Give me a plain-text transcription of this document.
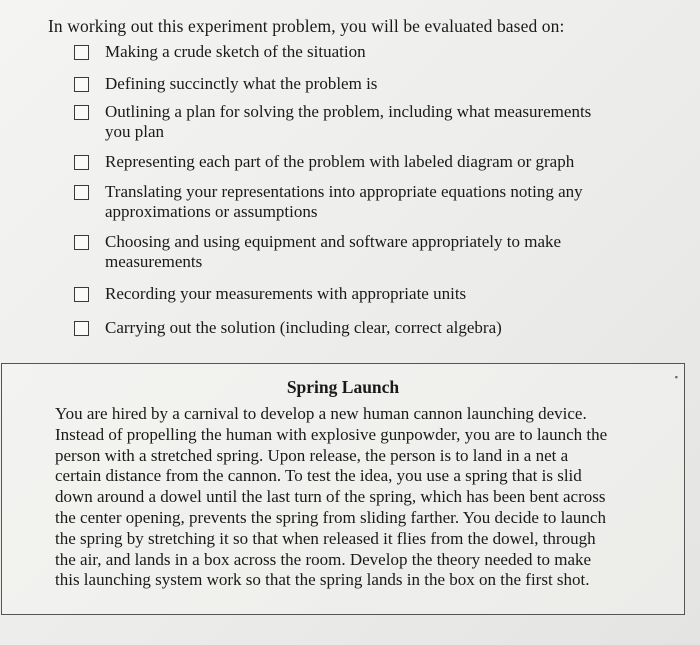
In working out this experiment problem, you will be evaluated based on:
Making a crude sketch of the situation
Defining succinctly what the problem is
Outlining a plan for solving the problem, including what measurements
you plan
Representing each part of the problem with labeled diagram or graph
Translating your representations into appropriate equations noting any
approximations or assumptions
Choosing and using equipment and software appropriately to make
measurements
Recording your measurements with appropriate units
Carrying out the solution (including clear, correct algebra)
▪
Spring Launch
You are hired by a carnival to develop a new human cannon launching device.
Instead of propelling the human with explosive gunpowder, you are to launch the
person with a stretched spring. Upon release, the person is to land in a net a
certain distance from the cannon. To test the idea, you use a spring that is slid
down around a dowel until the last turn of the spring, which has been bent across
the center opening, prevents the spring from sliding farther. You decide to launch
the spring by stretching it so that when released it flies from the dowel, through
the air, and lands in a box across the room. Develop the theory needed to make
this launching system work so that the spring lands in the box on the first shot.
